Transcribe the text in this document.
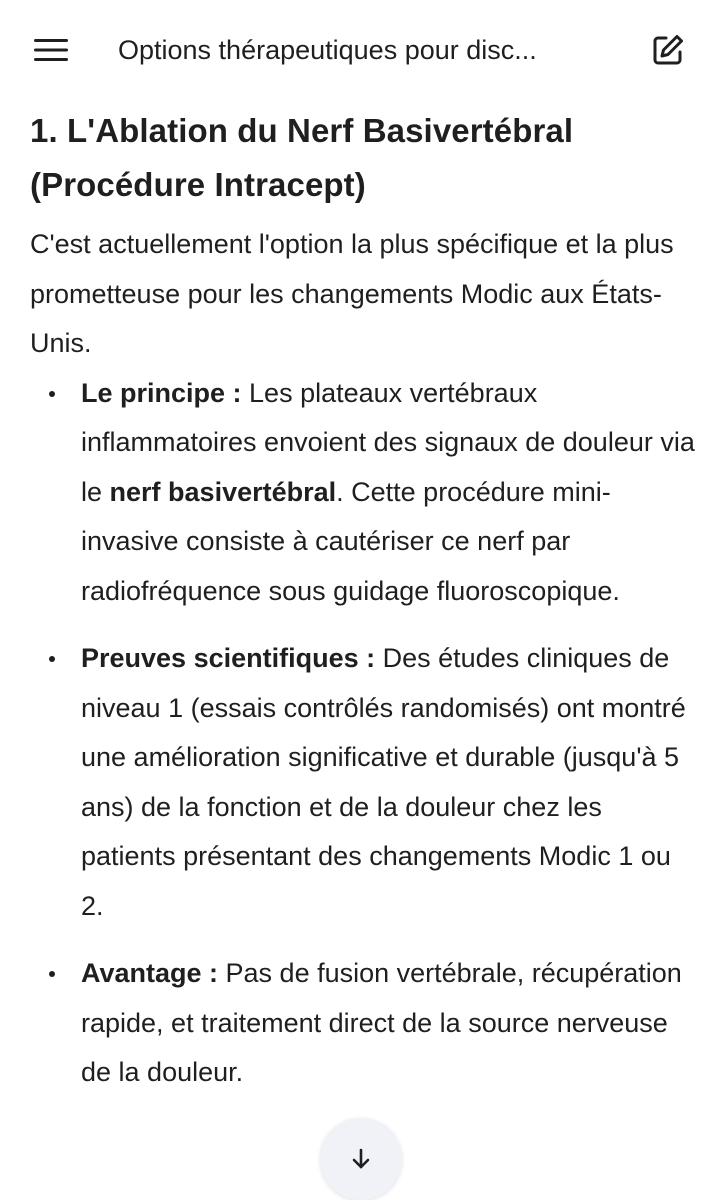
Options thérapeutiques pour disc...
1. L'Ablation du Nerf Basivertébral (Procédure Intracept)

C'est actuellement l'option la plus spécifique et la plus prometteuse pour les changements Modic aux États-Unis.

Le principe : Les plateaux vertébraux inflammatoires envoient des signaux de douleur via le nerf basivertébral. Cette procédure mini-invasive consiste à cautériser ce nerf par radiofréquence sous guidage fluoroscopique.
Preuves scientifiques : Des études cliniques de niveau 1 (essais contrôlés randomisés) ont montré une amélioration significative et durable (jusqu'à 5 ans) de la fonction et de la douleur chez les patients présentant des changements Modic 1 ou 2.
Avantage : Pas de fusion vertébrale, récupération rapide, et traitement direct de la source nerveuse de la douleur.
